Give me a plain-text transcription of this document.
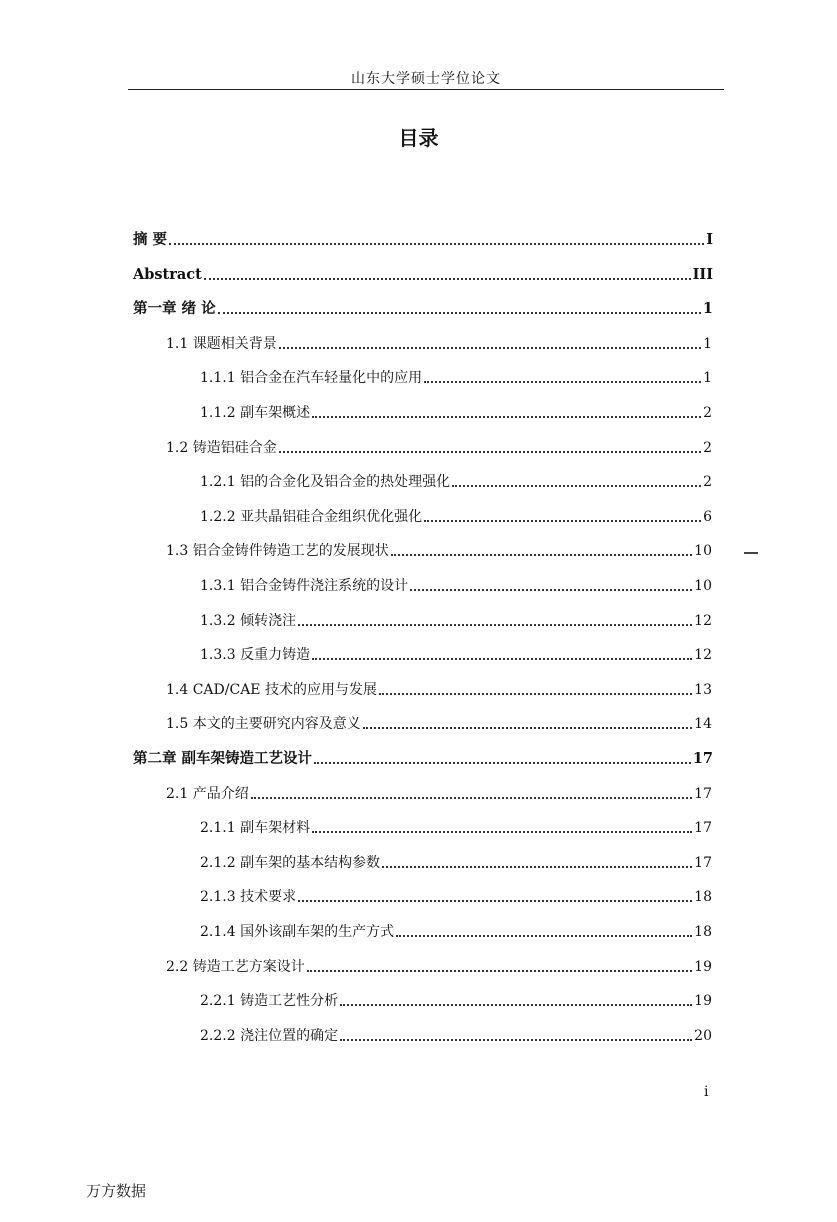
山东大学硕士学位论文
目录
摘 要	I
Abstract	III
第一章 绪 论	1
1.1 课题相关背景	1
1.1.1 铝合金在汽车轻量化中的应用	1
1.1.2 副车架概述	2
1.2 铸造铝硅合金	2
1.2.1 铝的合金化及铝合金的热处理强化	2
1.2.2 亚共晶铝硅合金组织优化强化	6
1.3 铝合金铸件铸造工艺的发展现状	10
1.3.1 铝合金铸件浇注系统的设计	10
1.3.2 倾转浇注	12
1.3.3 反重力铸造	12
1.4 CAD/CAE 技术的应用与发展	13
1.5 本文的主要研究内容及意义	14
第二章 副车架铸造工艺设计	17
2.1 产品介绍	17
2.1.1 副车架材料	17
2.1.2 副车架的基本结构参数	17
2.1.3 技术要求	18
2.1.4 国外该副车架的生产方式	18
2.2 铸造工艺方案设计	19
2.2.1 铸造工艺性分析	19
2.2.2 浇注位置的确定	20
i
万方数据
